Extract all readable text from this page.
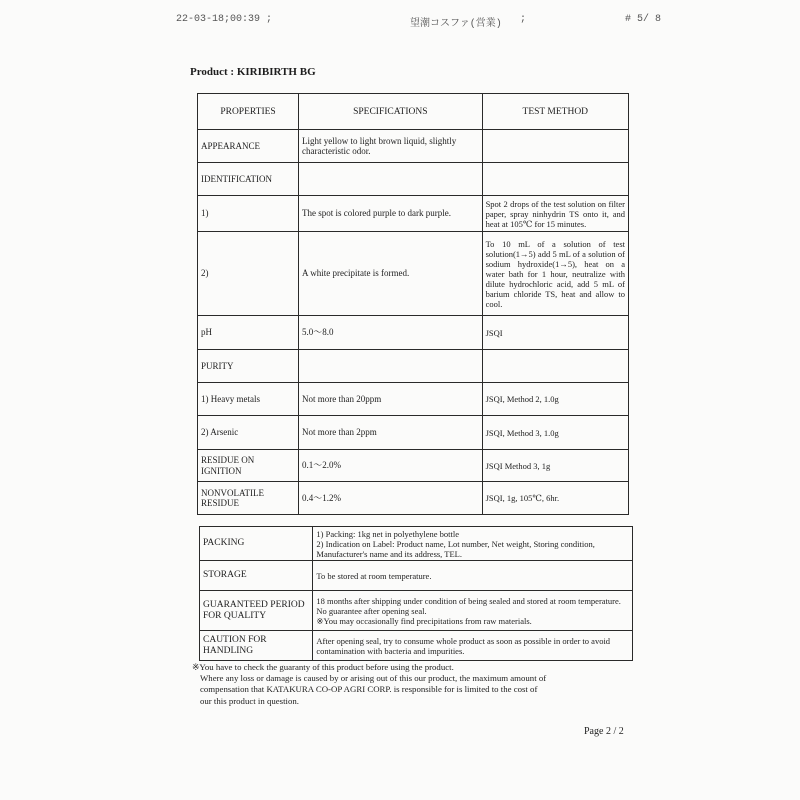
22-03-18;00:39 ;	望潮コスファ(営業) ;	# 5/ 8
Product : KIRIBIRTH BG
PROPERTIES	SPECIFICATIONS	TEST METHOD
APPEARANCE	Light yellow to light brown liquid, slightly characteristic odor.	
IDENTIFICATION		
1)	The spot is colored purple to dark purple.	Spot 2 drops of the test solution on filter paper, spray ninhydrin TS onto it, and heat at 105℃ for 15 minutes.
2)	A white precipitate is formed.	To 10 mL of a solution of test solution(1→5) add 5 mL of a solution of sodium hydroxide(1→5), heat on a water bath for 1 hour, neutralize with dilute hydrochloric acid, add 5 mL of barium chloride TS, heat and allow to cool.
pH	5.0～8.0	JSQI
PURITY		
1) Heavy metals	Not more than 20ppm	JSQI, Method 2, 1.0g
2) Arsenic	Not more than 2ppm	JSQI, Method 3, 1.0g
RESIDUE ON IGNITION	0.1～2.0%	JSQI Method 3, 1g
NONVOLATILE RESIDUE	0.4～1.2%	JSQI, 1g, 105℃, 6hr.
PACKING	1) Packing: 1kg net in polyethylene bottle
2) Indication on Label: Product name, Lot number, Net weight, Storing condition, Manufacturer's name and its address, TEL.

STORAGE	To be stored at room temperature.
GUARANTEED PERIOD FOR QUALITY	18 months after shipping under condition of being sealed and stored at room temperature. No guarantee after opening seal.
※You may occasionally find precipitations from raw materials.

CAUTION FOR HANDLING	After opening seal, try to consume whole product as soon as possible in order to avoid contamination with bacteria and impurities.
※You have to check the guaranty of this product before using the product.
Where any loss or damage is caused by or arising out of this our product, the maximum amount of
compensation that KATAKURA CO-OP AGRI CORP. is responsible for is limited to the cost of
our this product in question.
Page 2 / 2
